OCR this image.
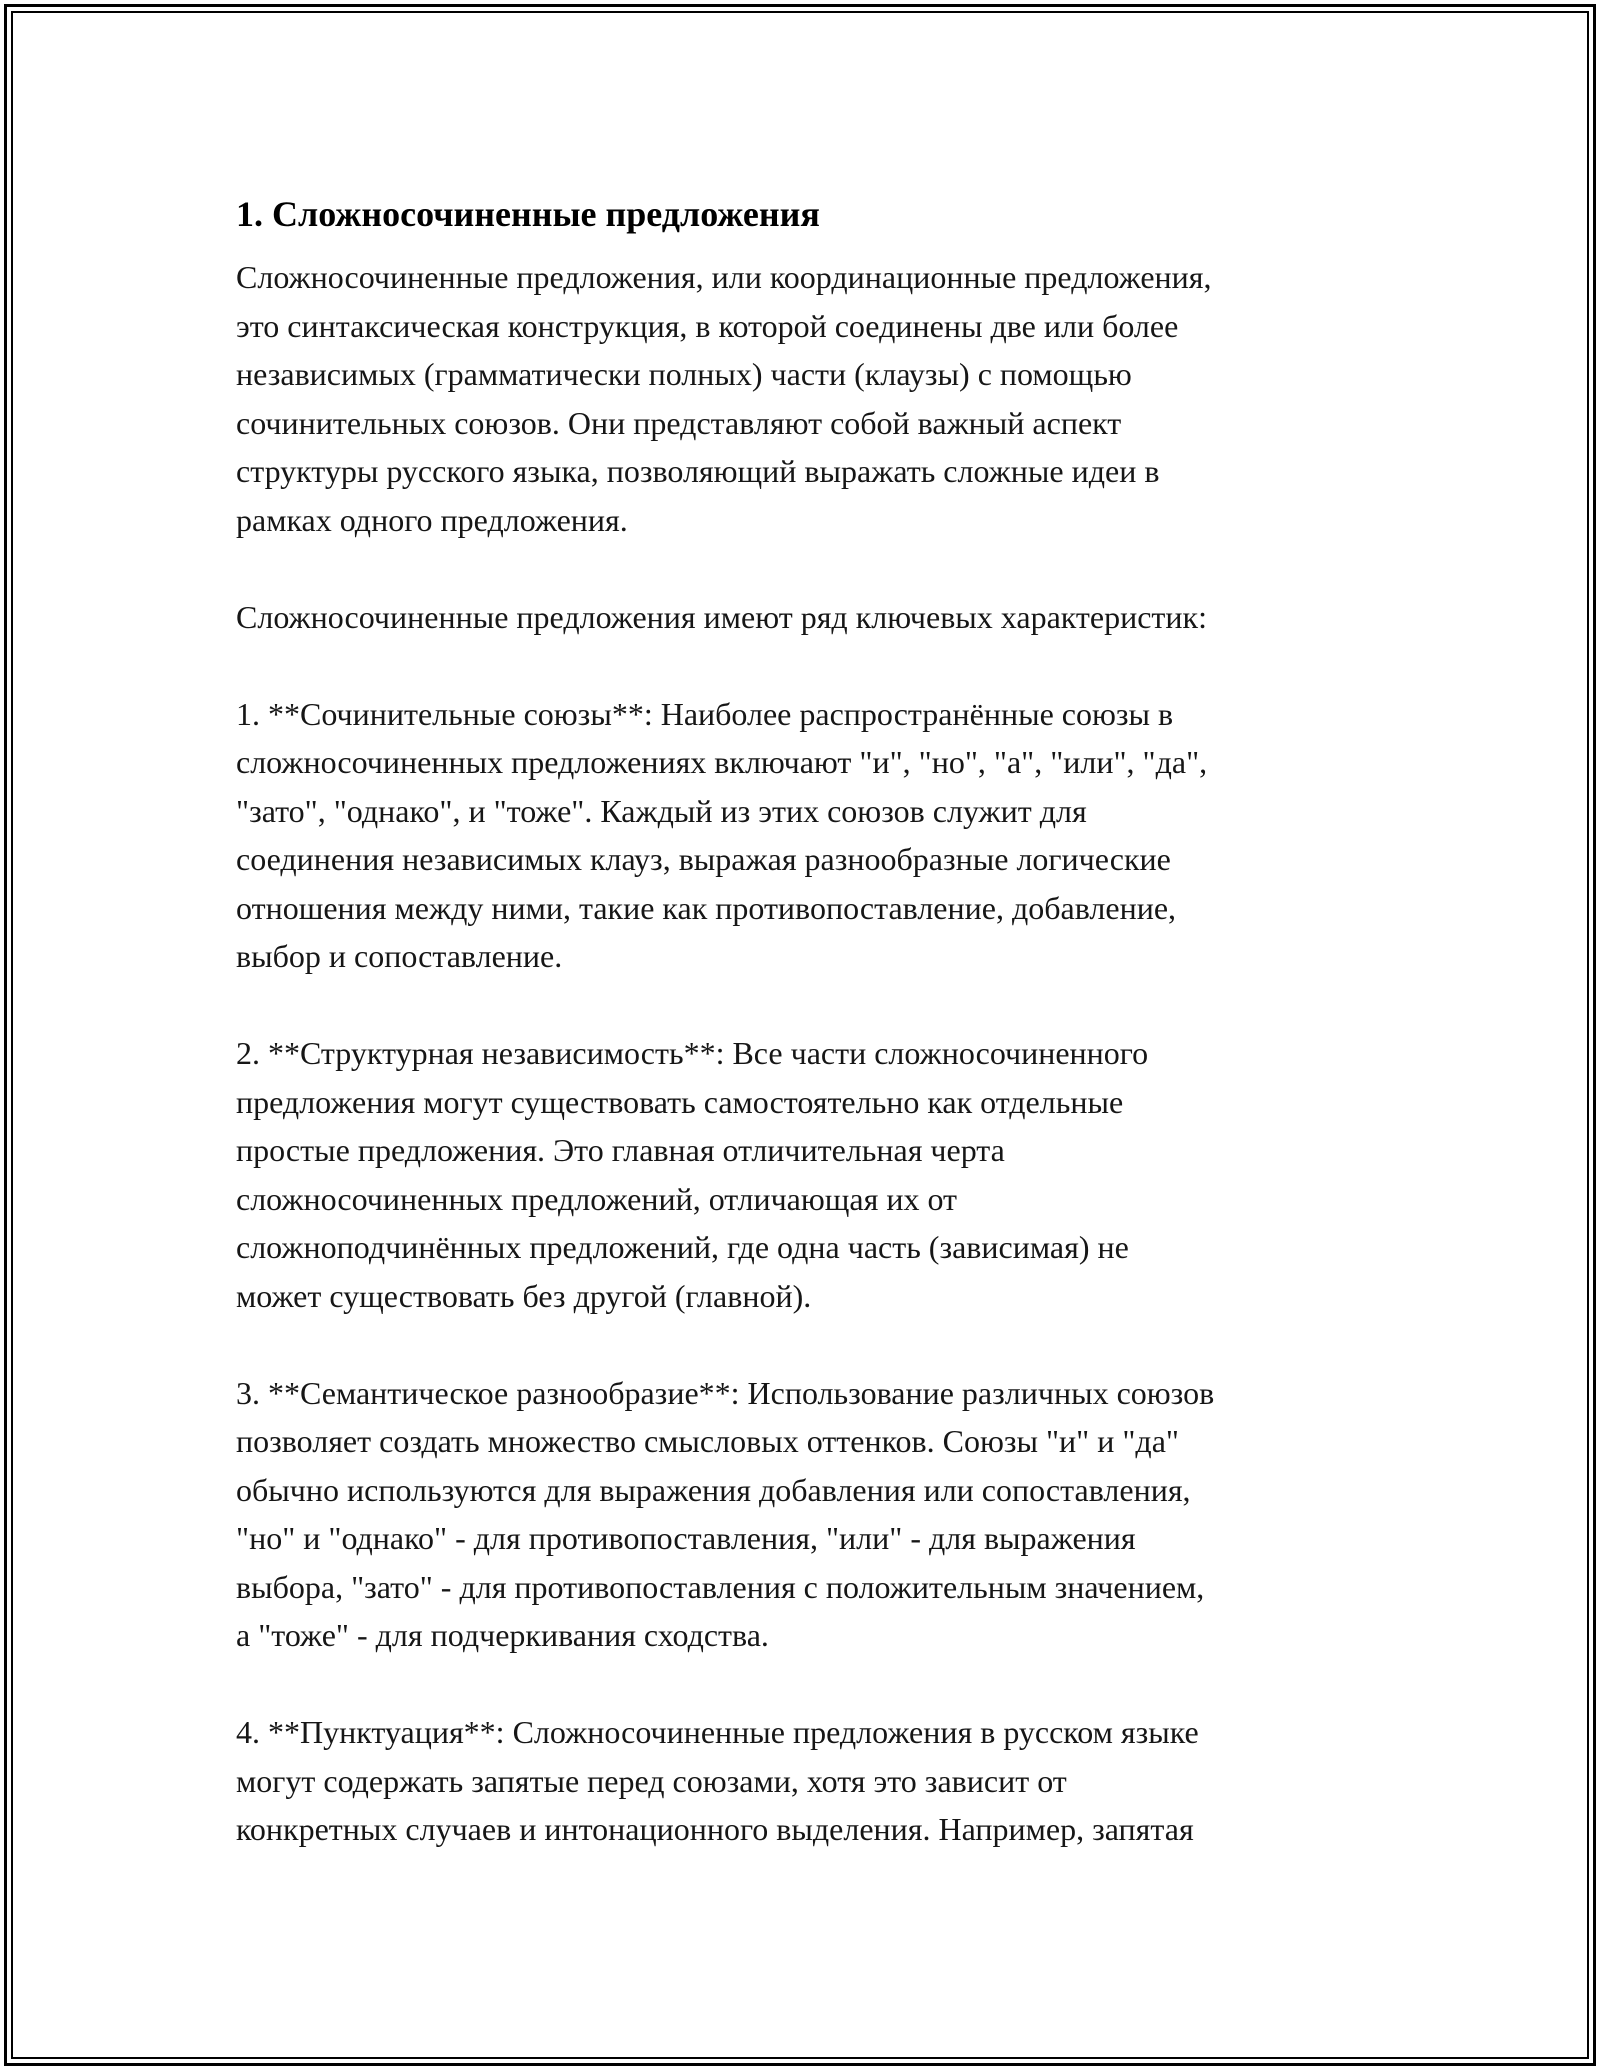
1. Сложносочиненные предложения

Сложносочиненные предложения, или координационные предложения,
это синтаксическая конструкция, в которой соединены две или более
независимых (грамматически полных) части (клаузы) с помощью
сочинительных союзов. Они представляют собой важный аспект
структуры русского языка, позволяющий выражать сложные идеи в
рамках одного предложения.

Сложносочиненные предложения имеют ряд ключевых характеристик:

1. **Сочинительные союзы**: Наиболее распространённые союзы в
сложносочиненных предложениях включают "и", "но", "а", "или", "да",
"зато", "однако", и "тоже". Каждый из этих союзов служит для
соединения независимых клауз, выражая разнообразные логические
отношения между ними, такие как противопоставление, добавление,
выбор и сопоставление.

2. **Структурная независимость**: Все части сложносочиненного
предложения могут существовать самостоятельно как отдельные
простые предложения. Это главная отличительная черта
сложносочиненных предложений, отличающая их от
сложноподчинённых предложений, где одна часть (зависимая) не
может существовать без другой (главной).

3. **Семантическое разнообразие**: Использование различных союзов
позволяет создать множество смысловых оттенков. Союзы "и" и "да"
обычно используются для выражения добавления или сопоставления,
"но" и "однако" - для противопоставления, "или" - для выражения
выбора, "зато" - для противопоставления с положительным значением,
а "тоже" - для подчеркивания сходства.

4. **Пунктуация**: Сложносочиненные предложения в русском языке
могут содержать запятые перед союзами, хотя это зависит от
конкретных случаев и интонационного выделения. Например, запятая
